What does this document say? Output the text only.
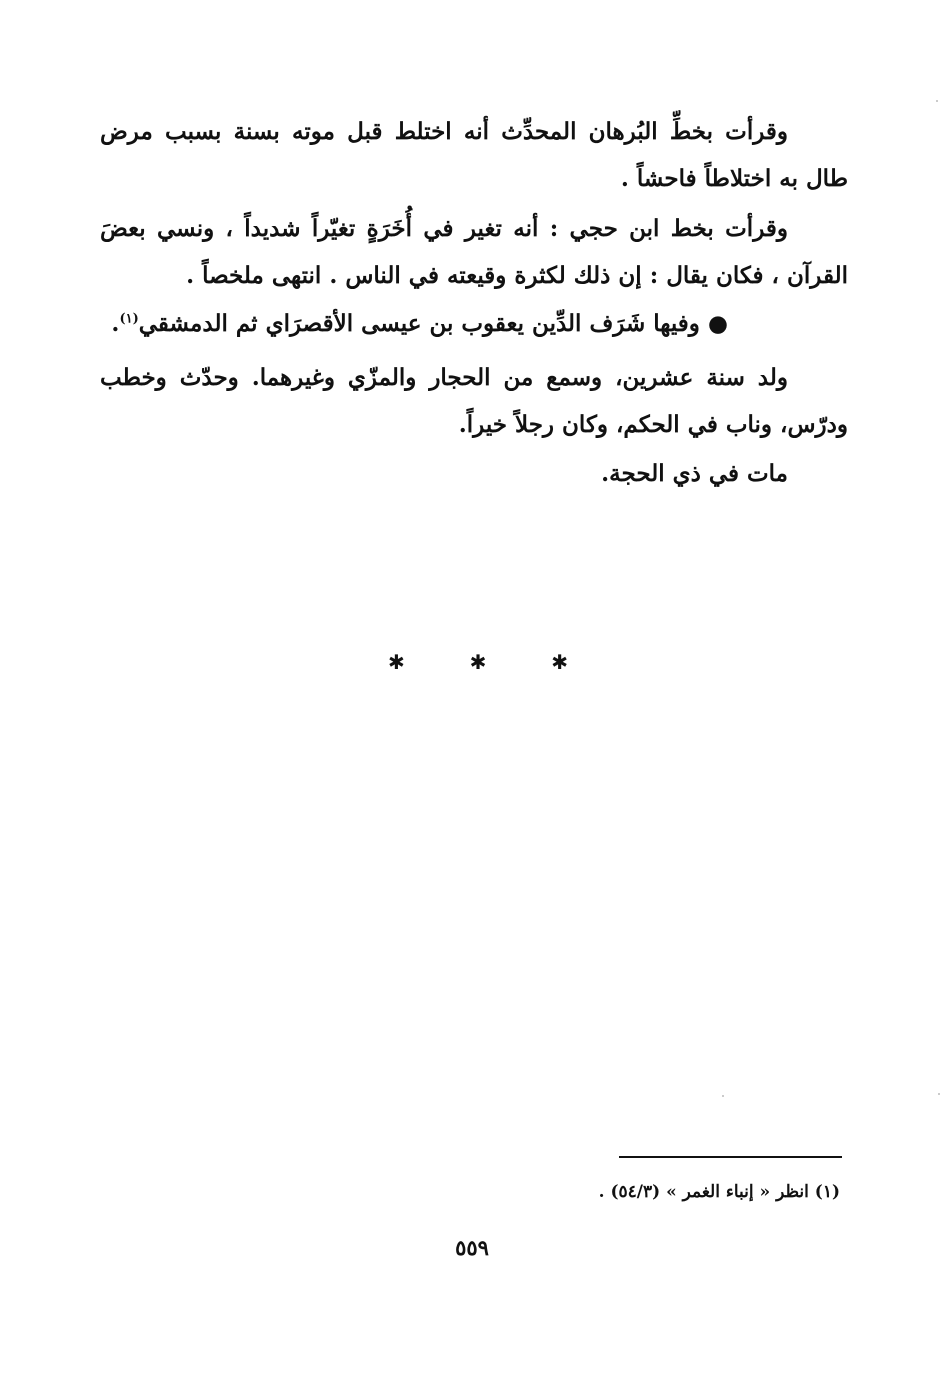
وقرأت بخطِّ البُرهان المحدِّث أنه اختلط قبل موته بسنة بسبب مرض طال به اختلاطاً فاحشاً .

وقرأت بخط ابن حجي : أنه تغير في أُخَرَةٍ تغيّراً شديداً ، ونسي بعضَ القرآن ، فكان يقال : إن ذلك لكثرة وقيعته في الناس . انتهى ملخصاً .

●وفيها شَرَف الدِّين يعقوب بن عيسى الأقصرَاي ثم الدمشقي$^{(١)}$.

ولد سنة عشرين، وسمع من الحجار والمزّي وغيرهما. وحدّث وخطب ودرّس، وناب في الحكم، وكان رجلاً خيراً.

مات في ذي الحجة.

✱
✱
✱
(١) انظر « إنباء الغمر » (٥٤/٣) .
٥٥٩
